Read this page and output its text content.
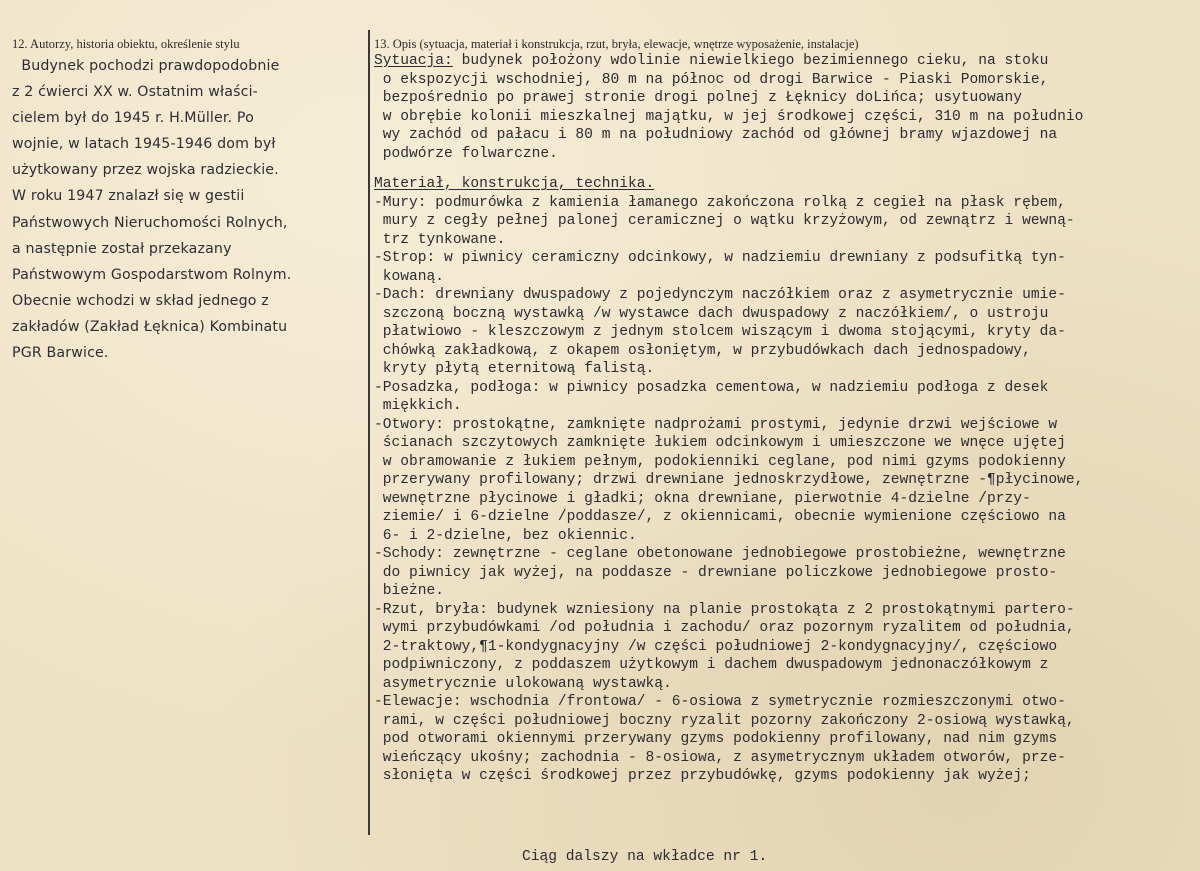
12. Autorzy, historia obiektu, określenie stylu	13. Opis (sytuacja, materiał i konstrukcja, rzut, bryła, elewacje, wnętrze wyposażenie, instalacje)
Budynek pochodzi prawdopodobnie
z 2 ćwierci XX w. Ostatnim właści-
cielem był do 1945 r. H.Müller. Po
wojnie, w latach 1945-1946 dom był
użytkowany przez wojska radzieckie.
W roku 1947 znalazł się w gestii
Państwowych Nieruchomości Rolnych,
a następnie został przekazany
Państwowym Gospodarstwom Rolnym.
Obecnie wchodzi w skład jednego z
zakładów (Zakład Łęknica) Kombinatu
PGR Barwice.
Sytuacja: budynek położony wdolinie niewielkiego bezimiennego cieku, na stoku
o ekspozycji wschodniej, 80 m na północ od drogi Barwice - Piaski Pomorskie,
bezpośrednio po prawej stronie drogi polnej z Łęknicy doLińca; usytuowany
w obrębie kolonii mieszkalnej majątku, w jej środkowej części, 310 m na południo
wy zachód od pałacu i 80 m na południowy zachód od głównej bramy wjazdowej na
podwórze folwarczne.
Materiał, konstrukcja, technika.
-Mury: podmurówka z kamienia łamanego zakończona rolką z cegieł na płask rębem,
mury z cegły pełnej palonej ceramicznej o wątku krzyżowym, od zewnątrz i wewną-
trz tynkowane.
-Strop: w piwnicy ceramiczny odcinkowy, w nadziemiu drewniany z podsufitką tyn-
kowaną.
-Dach: drewniany dwuspadowy z pojedynczym naczółkiem oraz z asymetrycznie umie-
szczoną boczną wystawką /w wystawce dach dwuspadowy z naczółkiem/, o ustroju
płatwiowo - kleszczowym z jednym stolcem wiszącym i dwoma stojącymi, kryty da-
chówką zakładkową, z okapem osłoniętym, w przybudówkach dach jednospadowy,
kryty płytą eternitową falistą.
-Posadzka, podłoga: w piwnicy posadzka cementowa, w nadziemiu podłoga z desek
miękkich.
-Otwory: prostokątne, zamknięte nadprożami prostymi, jedynie drzwi wejściowe w
ścianach szczytowych zamknięte łukiem odcinkowym i umieszczone we wnęce ujętej
w obramowanie z łukiem pełnym, podokienniki ceglane, pod nimi gzyms podokienny
przerywany profilowany; drzwi drewniane jednoskrzydłowe, zewnętrzne -¶płycinowe,
wewnętrzne płycinowe i gładki; okna drewniane, pierwotnie 4-dzielne /przy-
ziemie/ i 6-dzielne /poddasze/, z okiennicami, obecnie wymienione częściowo na
6- i 2-dzielne, bez okiennic.
-Schody: zewnętrzne - ceglane obetonowane jednobiegowe prostobieżne, wewnętrzne
do piwnicy jak wyżej, na poddasze - drewniane policzkowe jednobiegowe prosto-
bieżne.
-Rzut, bryła: budynek wzniesiony na planie prostokąta z 2 prostokątnymi partero-
wymi przybudówkami /od południa i zachodu/ oraz pozornym ryzalitem od południa,
2-traktowy,¶1-kondygnacyjny /w części południowej 2-kondygnacyjny/, częściowo
podpiwniczony, z poddaszem użytkowym i dachem dwuspadowym jednonaczółkowym z
asymetrycznie ulokowaną wystawką.
-Elewacje: wschodnia /frontowa/ - 6-osiowa z symetrycznie rozmieszczonymi otwo-
rami, w części południowej boczny ryzalit pozorny zakończony 2-osiową wystawką,
pod otworami okiennymi przerywany gzyms podokienny profilowany, nad nim gzyms
wieńczący ukośny; zachodnia - 8-osiowa, z asymetrycznym układem otworów, prze-
słonięta w części środkowej przez przybudówkę, gzyms podokienny jak wyżej;
Ciąg dalszy na wkładce nr 1.
